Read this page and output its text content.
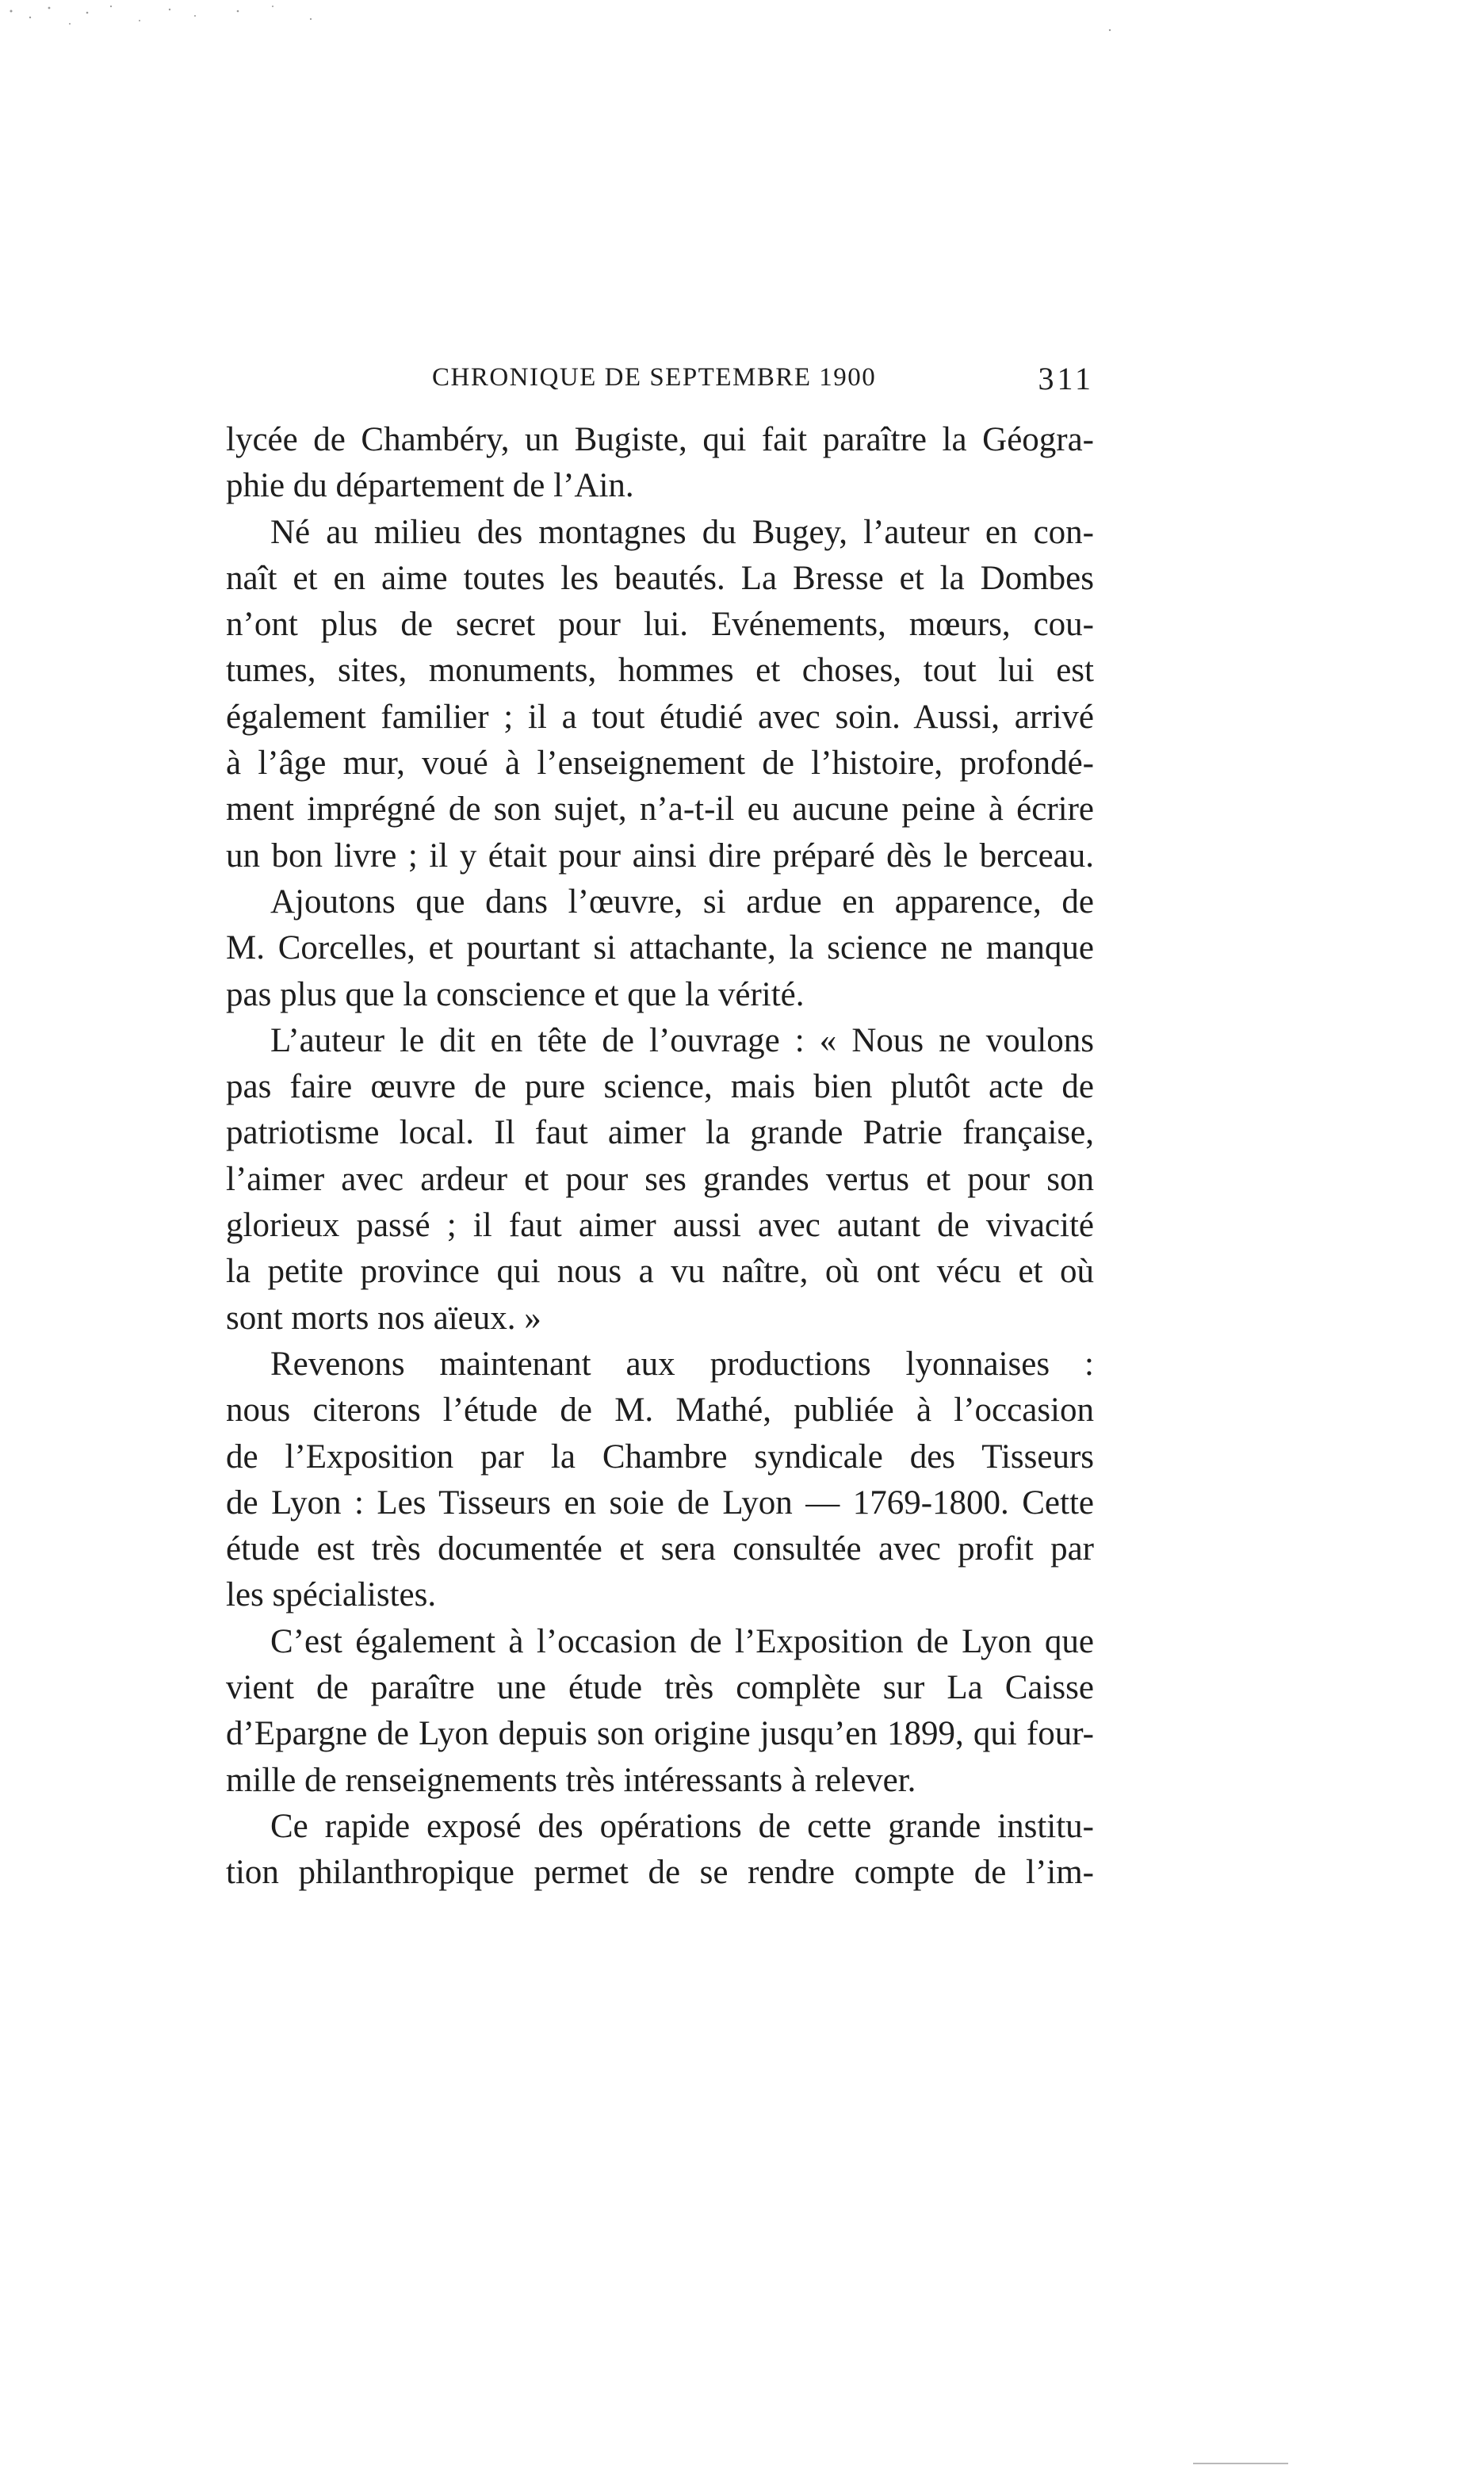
CHRONIQUE DE SEPTEMBRE 1900	311
lycée de Chambéry, un Bugiste, qui fait paraître la Géogra-
phie du département de l’Ain.
Né au milieu des montagnes du Bugey, l’auteur en con-
naît et en aime toutes les beautés. La Bresse et la Dombes
n’ont plus de secret pour lui. Evénements, mœurs, cou-
tumes, sites, monuments, hommes et choses, tout lui est
également familier ; il a tout étudié avec soin. Aussi, arrivé
à l’âge mur, voué à l’enseignement de l’histoire, profondé-
ment imprégné de son sujet, n’a-t-il eu aucune peine à écrire
un bon livre ; il y était pour ainsi dire préparé dès le berceau.
Ajoutons que dans l’œuvre, si ardue en apparence, de
M. Corcelles, et pourtant si attachante, la science ne manque
pas plus que la conscience et que la vérité.
L’auteur le dit en tête de l’ouvrage : « Nous ne voulons
pas faire œuvre de pure science, mais bien plutôt acte de
patriotisme local. Il faut aimer la grande Patrie française,
l’aimer avec ardeur et pour ses grandes vertus et pour son
glorieux passé ; il faut aimer aussi avec autant de vivacité
la petite province qui nous a vu naître, où ont vécu et où
sont morts nos aïeux. »
Revenons maintenant aux productions lyonnaises :
nous citerons l’étude de M. Mathé, publiée à l’occasion
de l’Exposition par la Chambre syndicale des Tisseurs
de Lyon : Les Tisseurs en soie de Lyon — 1769-1800. Cette
étude est très documentée et sera consultée avec profit par
les spécialistes.
C’est également à l’occasion de l’Exposition de Lyon que
vient de paraître une étude très complète sur La Caisse
d’Epargne de Lyon depuis son origine jusqu’en 1899, qui four-
mille de renseignements très intéressants à relever.
Ce rapide exposé des opérations de cette grande institu-
tion philanthropique permet de se rendre compte de l’im-
